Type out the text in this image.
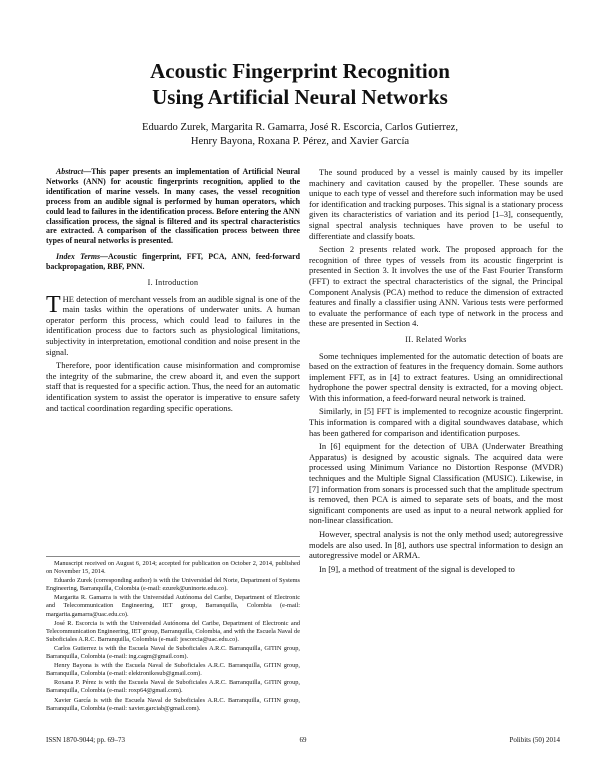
Acoustic Fingerprint Recognition
Using Artificial Neural Networks
Eduardo Zurek, Margarita R. Gamarra, José R. Escorcia, Carlos Gutierrez,
Henry Bayona, Roxana P. Pérez, and Xavier García

Abstract—This paper presents an implementation of Artificial Neural Networks (ANN) for acoustic fingerprints recognition, applied to the identification of marine vessels. In many cases, the vessel recognition process from an audible signal is performed by human operators, which could lead to failures in the identification process. Before entering the ANN classification process, the signal is filtered and its spectral characteristics are extracted. A comparison of the classification process between three types of neural networks is presented.

Index Terms—Acoustic fingerprint, FFT, PCA, ANN, feed-forward backpropagation, RBF, PNN.

I. Introduction

THE detection of merchant vessels from an audible signal is one of the main tasks within the operations of underwater units. A human operator perform this process, which could lead to failures in the identification process due to factors such as physiological limitations, subjectivity in interpretation, emotional condition and noise present in the signal.

Therefore, poor identification cause misinformation and compromise the integrity of the submarine, the crew aboard it, and even the support staff that is requested for a specific action. Thus, the need for an automatic identification system to assist the operator is imperative to ensure safety and tactical coordination regarding specific operations.

Manuscript received on August 6, 2014; accepted for publication on October 2, 2014, published on November 15, 2014.

Eduardo Zurek (corresponding author) is with the Universidad del Norte, Department of Systems Engineering, Barranquilla, Colombia (e-mail: ezurek@uninorte.edu.co).

Margarita R. Gamarra is with the Universidad Autónoma del Caribe, Department of Electronic and Telecommunication Engineering, IET group, Barranquilla, Colombia (e-mail: margarita.gamarra@uac.edu.co).

José R. Escorcia is with the Universidad Autónoma del Caribe, Department of Electronic and Telecommunication Engineering, IET group, Barranquilla, Colombia, and with the Escuela Naval de Suboficiales A.R.C. Barranquilla, Colombia (e-mail: jescorcia@uac.edu.co).

Carlos Gutierrez is with the Escuela Naval de Suboficiales A.R.C. Barranquilla, GITIN group, Barranquilla, Colombia (e-mail: ing.cagm@gmail.com).

Henry Bayona is with the Escuela Naval de Suboficiales A.R.C. Barranquilla, GITIN group, Barranquilla, Colombia (e-mail: elektronikesub@gmail.com).

Roxana P. Pérez is with the Escuela Naval de Suboficiales A.R.C. Barranquilla, GITIN group, Barranquilla, Colombia (e-mail: roxp64@gmail.com).

Xavier García is with the Escuela Naval de Suboficiales A.R.C. Barranquilla, GITIN group, Barranquilla, Colombia (e-mail: xavier.garciab@gmail.com).

The sound produced by a vessel is mainly caused by its impeller machinery and cavitation caused by the propeller. These sounds are unique to each type of vessel and therefore such information may be used for identification and tracking purposes. This signal is a stationary process given its characteristics of variation and its period [1–3], consequently, signal spectral analysis techniques have proven to be useful to differentiate and classify boats.

Section 2 presents related work. The proposed approach for the recognition of three types of vessels from its acoustic fingerprint is presented in Section 3. It involves the use of the Fast Fourier Transform (FFT) to extract the spectral characteristics of the signal, the Principal Component Analysis (PCA) method to reduce the dimension of extracted features and finally a classifier using ANN. Various tests were performed to evaluate the performance of each type of network in the process and these are presented in Section 4.

II. Related Works

Some techniques implemented for the automatic detection of boats are based on the extraction of features in the frequency domain. Some authors implement FFT, as in [4] to extract features. Using an omnidirectional hydrophone the power spectral density is extracted, for a moving object. With this information, a feed-forward neural network is trained.

Similarly, in [5] FFT is implemented to recognize acoustic fingerprint. This information is compared with a digital soundwaves database, which has been gathered for comparison and identification purposes.

In [6] equipment for the detection of UBA (Underwater Breathing Apparatus) is designed by acoustic signals. The acquired data were processed using Minimum Variance no Distortion Response (MVDR) techniques and the Multiple Signal Classification (MUSIC). Likewise, in [7] information from sonars is processed such that the amplitude spectrum is removed, then PCA is aimed to separate sets of boats, and the most significant components are used as input to a neural network applied for non-linear classification.

However, spectral analysis is not the only method used; autoregressive models are also used. In [8], authors use spectral information to design an autoregressive model or ARMA.

In [9], a method of treatment of the signal is developed to

ISSN 1870-9044; pp. 69–73	69	Polibits (50) 2014
